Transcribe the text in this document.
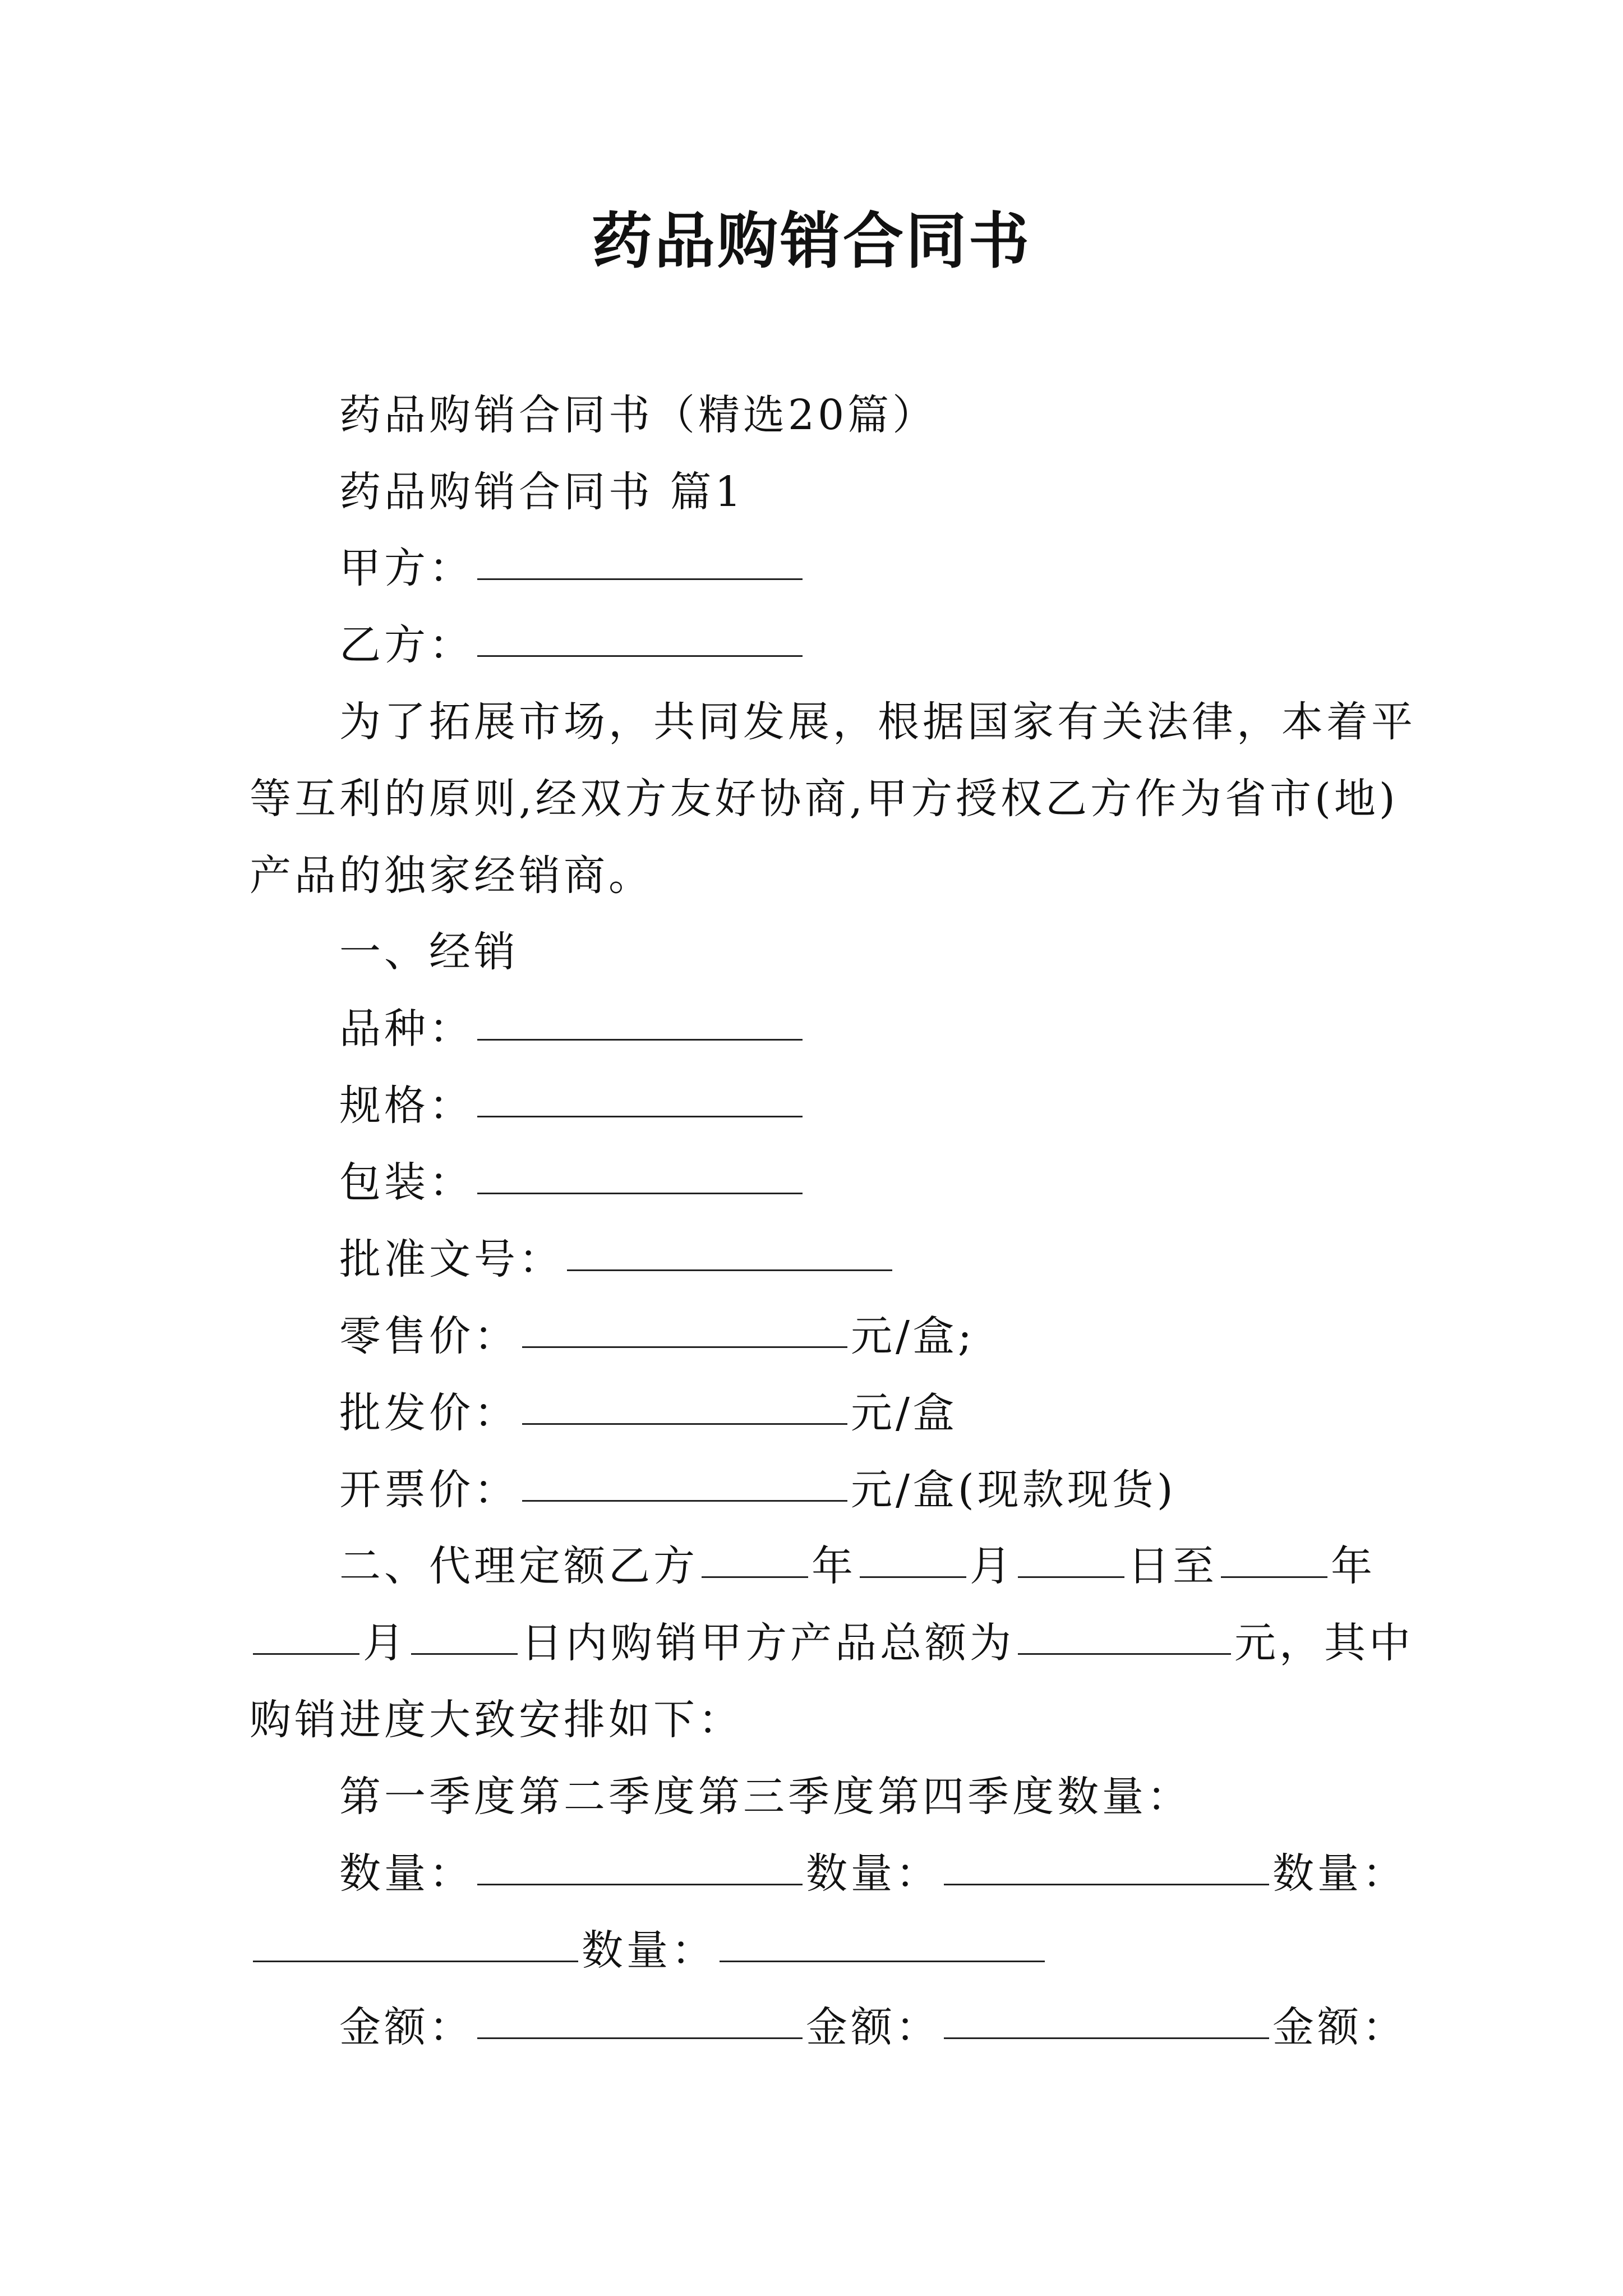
药品购销合同书
药品购销合同书（精选20篇）
药品购销合同书 篇1
甲方：
乙方：
为了拓展市场，共同发展，根据国家有关法律，本着平
等互利的原则,经双方友好协商,甲方授权乙方作为省市(地)
产品的独家经销商。
一、经销
品种：
规格：
包装：
批准文号：
零售价：	元/盒;
批发价：	元/盒
开票价：	元/盒(现款现货)
二、代理定额乙方	年	月	日至	年
月	日内购销甲方产品总额为	元，其中
购销进度大致安排如下：
第一季度第二季度第三季度第四季度数量：
数量：	数量：	数量：
数量：
金额：	金额：	金额：
